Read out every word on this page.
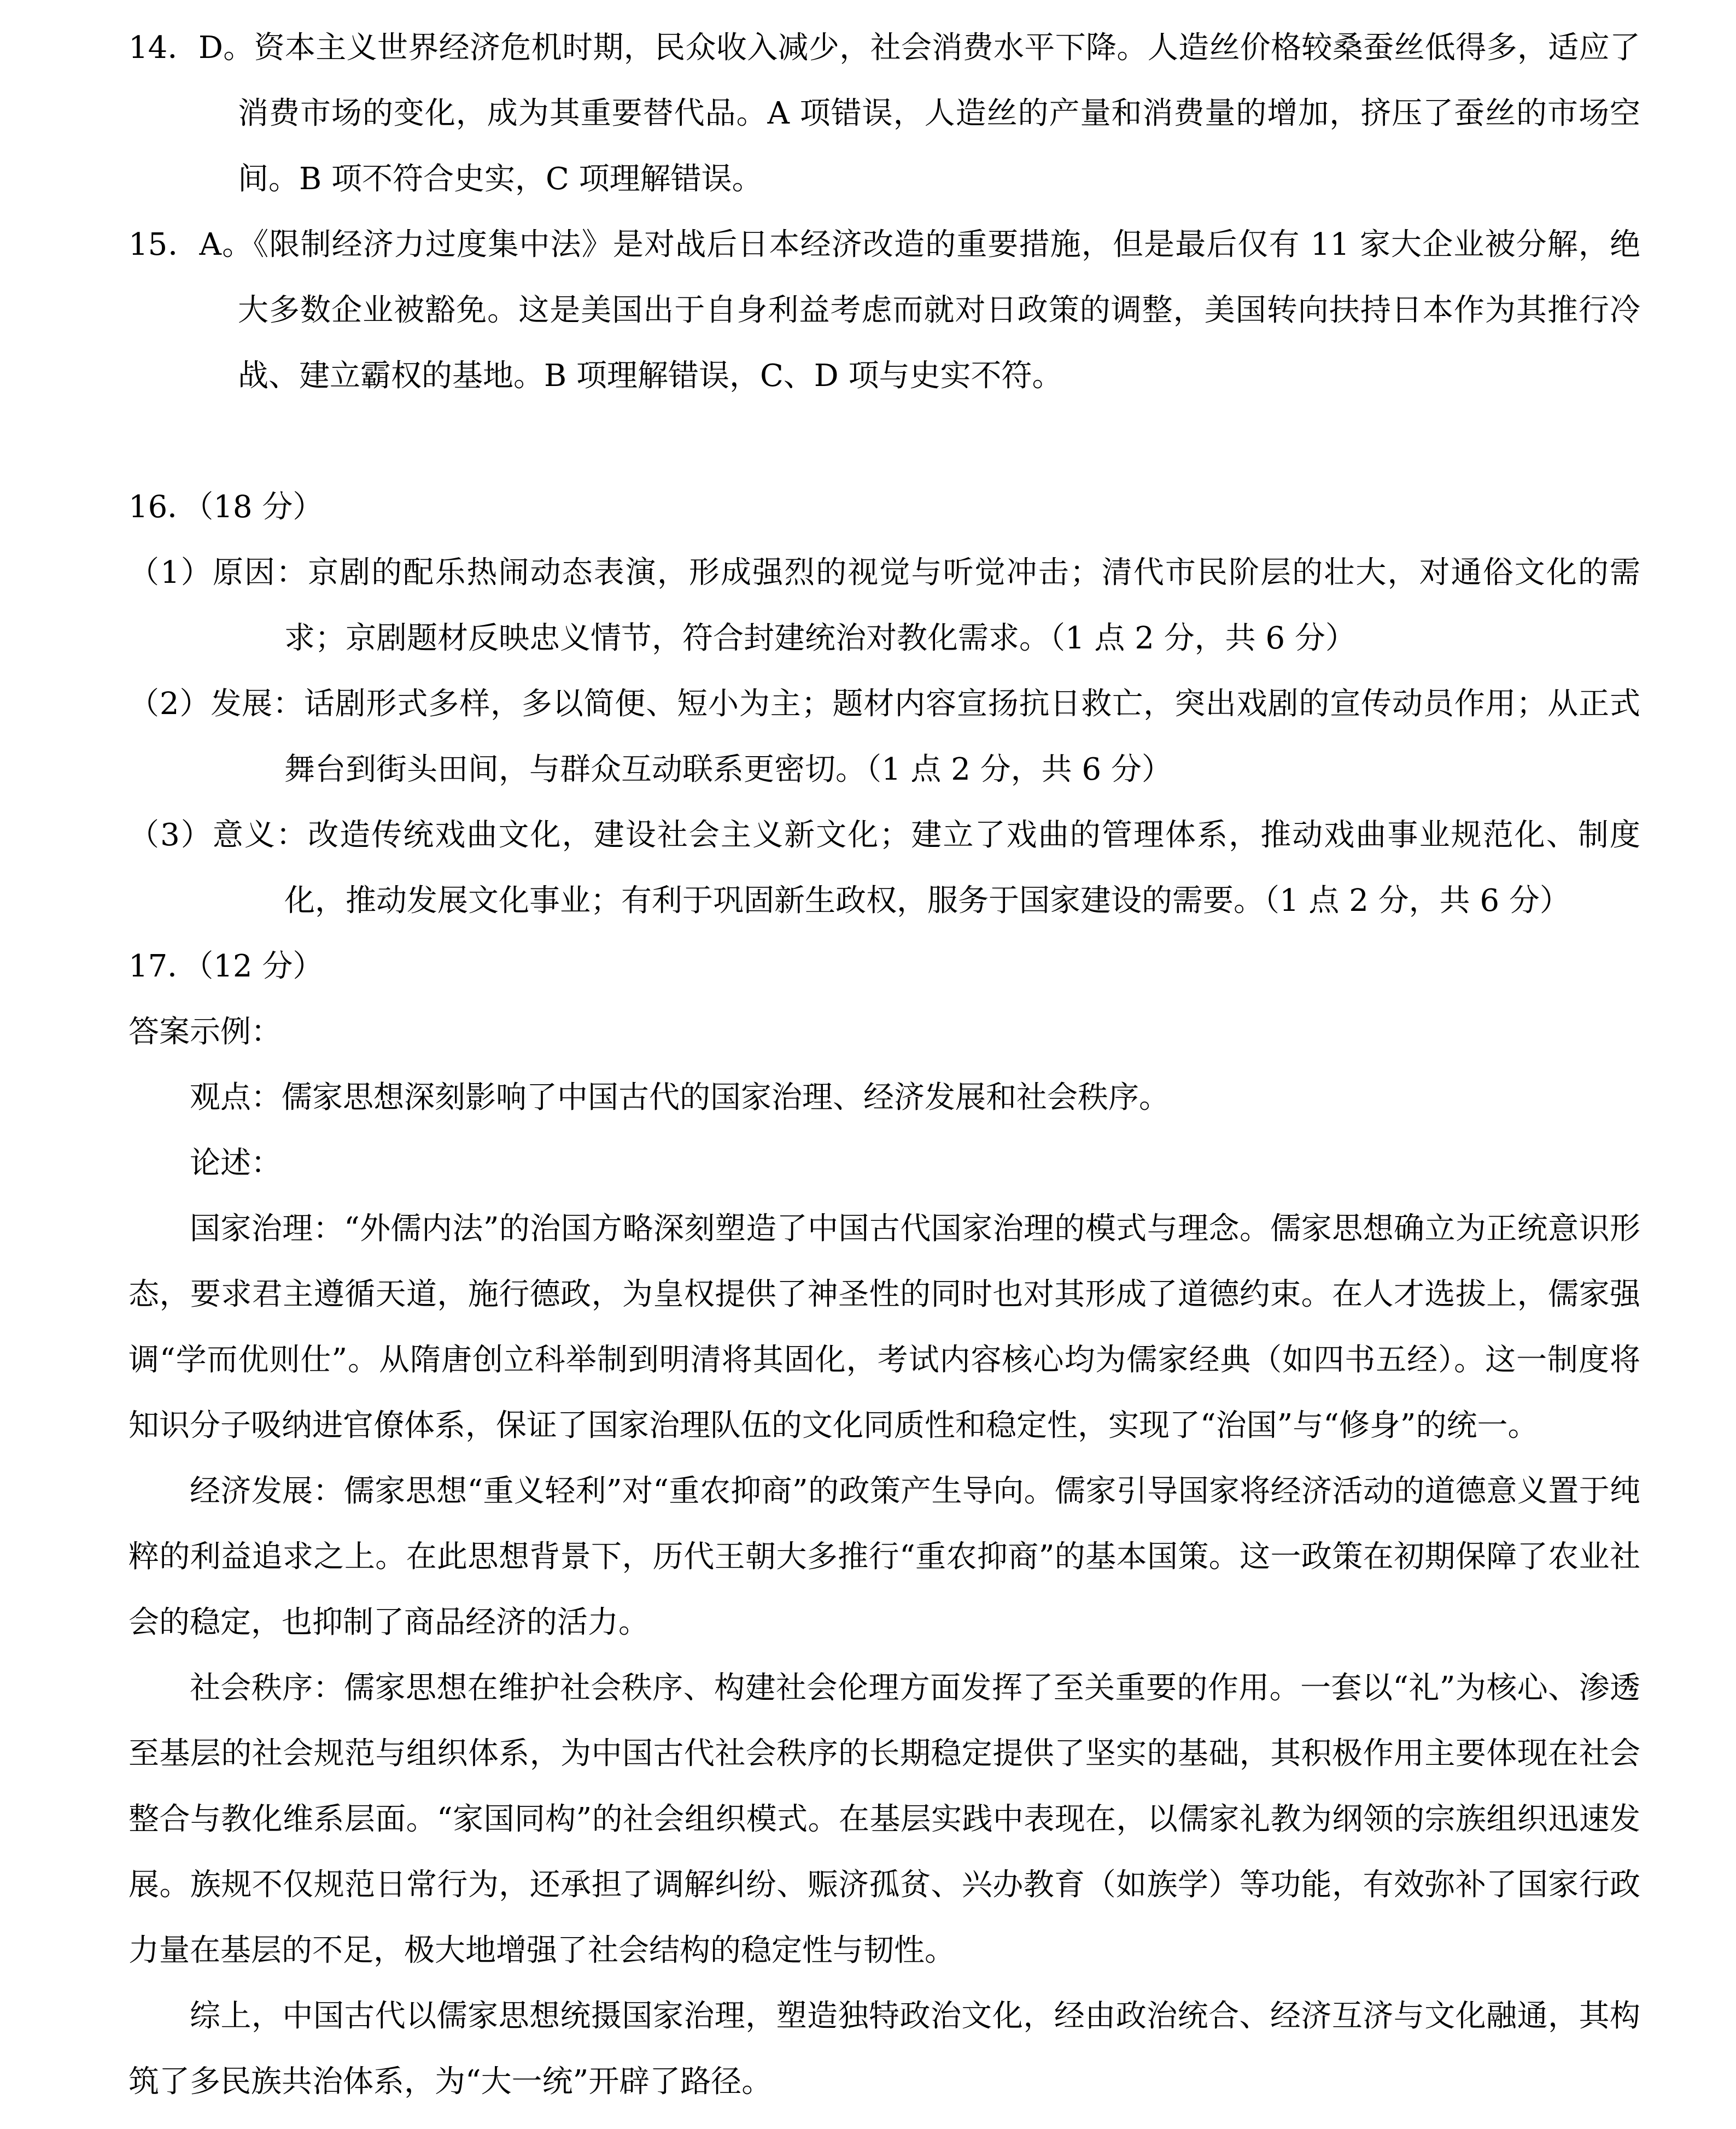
14．D。资本主义世界经济危机时期，民众收入减少，社会消费水平下降。人造丝价格较桑蚕丝低得多，适应了消费市场的变化，成为其重要替代品。A 项错误，人造丝的产量和消费量的增加，挤压了蚕丝的市场空间。B 项不符合史实，C 项理解错误。

15．A。《限制经济力过度集中法》是对战后日本经济改造的重要措施，但是最后仅有 11 家大企业被分解，绝大多数企业被豁免。这是美国出于自身利益考虑而就对日政策的调整，美国转向扶持日本作为其推行冷战、建立霸权的基地。B 项理解错误，C、D 项与史实不符。

16．（18 分）

（1）原因：京剧的配乐热闹动态表演，形成强烈的视觉与听觉冲击；清代市民阶层的壮大，对通俗文化的需求；京剧题材反映忠义情节，符合封建统治对教化需求。（1 点 2 分，共 6 分）

（2）发展：话剧形式多样，多以简便、短小为主；题材内容宣扬抗日救亡，突出戏剧的宣传动员作用；从正式舞台到街头田间，与群众互动联系更密切。（1 点 2 分，共 6 分）

（3）意义：改造传统戏曲文化，建设社会主义新文化；建立了戏曲的管理体系，推动戏曲事业规范化、制度化，推动发展文化事业；有利于巩固新生政权，服务于国家建设的需要。（1 点 2 分，共 6 分）

17．（12 分）

答案示例：

观点：儒家思想深刻影响了中国古代的国家治理、经济发展和社会秩序。

论述：

国家治理：“外儒内法”的治国方略深刻塑造了中国古代国家治理的模式与理念。儒家思想确立为正统意识形态，要求君主遵循天道，施行德政，为皇权提供了神圣性的同时也对其形成了道德约束。在人才选拔上，儒家强调“学而优则仕”。从隋唐创立科举制到明清将其固化，考试内容核心均为儒家经典（如四书五经）。这一制度将知识分子吸纳进官僚体系，保证了国家治理队伍的文化同质性和稳定性，实现了“治国”与“修身”的统一。

经济发展：儒家思想“重义轻利”对“重农抑商”的政策产生导向。儒家引导国家将经济活动的道德意义置于纯粹的利益追求之上。在此思想背景下，历代王朝大多推行“重农抑商”的基本国策。这一政策在初期保障了农业社会的稳定，也抑制了商品经济的活力。

社会秩序：儒家思想在维护社会秩序、构建社会伦理方面发挥了至关重要的作用。一套以“礼”为核心、渗透至基层的社会规范与组织体系，为中国古代社会秩序的长期稳定提供了坚实的基础，其积极作用主要体现在社会整合与教化维系层面。“家国同构”的社会组织模式。在基层实践中表现在，以儒家礼教为纲领的宗族组织迅速发展。族规不仅规范日常行为，还承担了调解纠纷、赈济孤贫、兴办教育（如族学）等功能，有效弥补了国家行政力量在基层的不足，极大地增强了社会结构的稳定性与韧性。

综上，中国古代以儒家思想统摄国家治理，塑造独特政治文化，经由政治统合、经济互济与文化融通，其构筑了多民族共治体系，为“大一统”开辟了路径。
